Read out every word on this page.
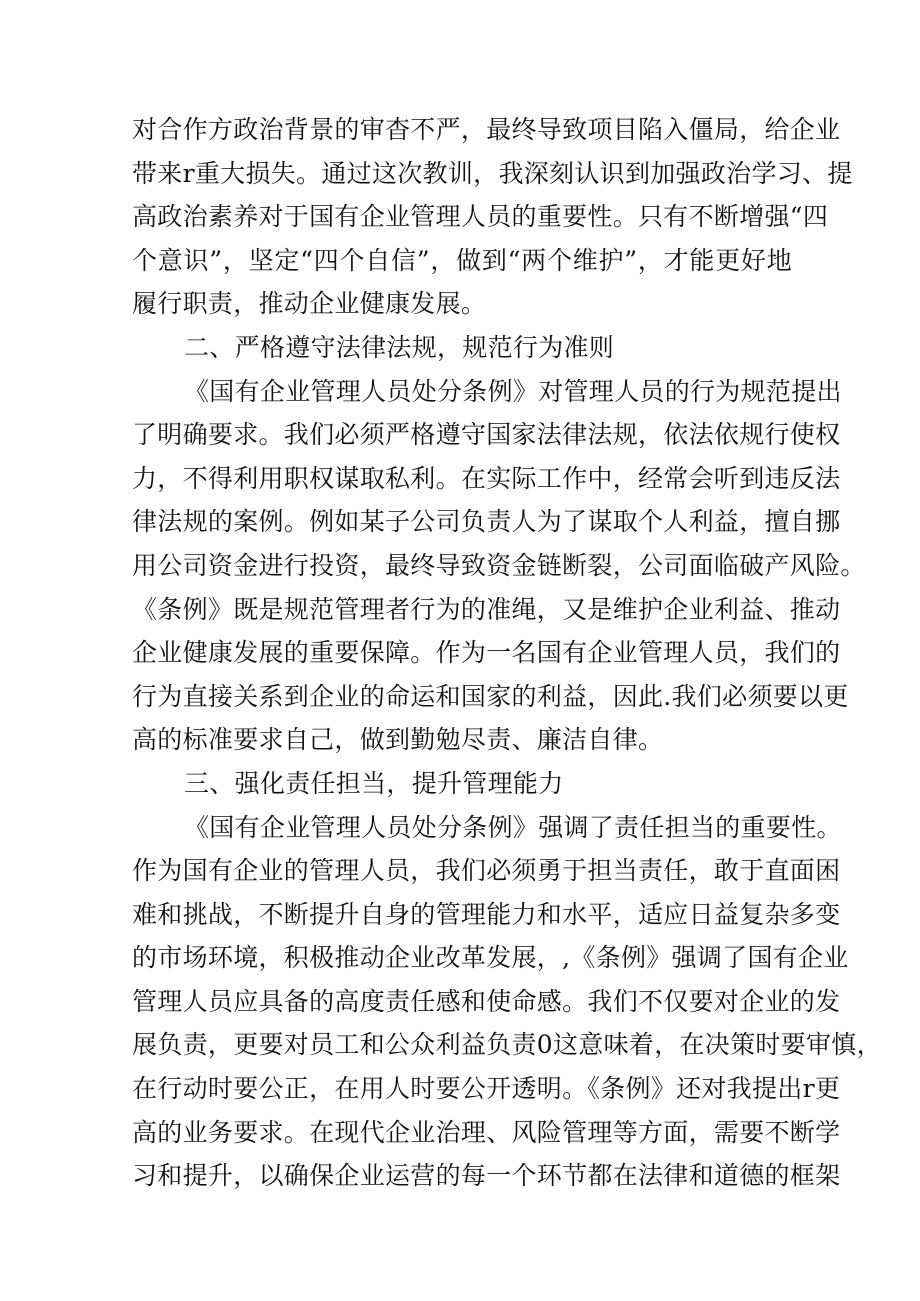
对合作方政治背景的审杳不严，最终导致项目陷入僵局，给企业
带来r重大损失。通过这次教训，我深刻认识到加强政治学习、提
高政治素养对于国有企业管理人员的重要性。只有不断增强“四
个意识”，坚定“四个自信”，做到“两个维护”，才能更好地
履行职责，推动企业健康发展。
二、严格遵守法律法规，规范行为准则
《国有企业管理人员处分条例》对管理人员的行为规范提出
了明确要求。我们必须严格遵守国家法律法规，依法依规行使权
力，不得利用职权谋取私利。在实际工作中，经常会听到违反法
律法规的案例。例如某子公司负责人为了谋取个人利益，擅自挪
用公司资金进行投资，最终导致资金链断裂，公司面临破产风险。
《条例》既是规范管理者行为的准绳，又是维护企业利益、推动
企业健康发展的重要保障。作为一名国有企业管理人员，我们的
行为直接关系到企业的命运和国家的利益，因此.我们必须要以更
高的标准要求自己，做到勤勉尽责、廉洁自律。
三、强化责任担当，提升管理能力
《国有企业管理人员处分条例》强调了责任担当的重要性。
作为国有企业的管理人员，我们必须勇于担当责任，敢于直面困
难和挑战，不断提升自身的管理能力和水平，适应日益复杂多变
的市场环境，积极推动企业改革发展，,《条例》强调了国有企业
管理人员应具备的高度责任感和使命感。我们不仅要对企业的发
展负责，更要对员工和公众利益负责0这意味着，在决策时要审慎，
在行动时要公正，在用人时要公开透明。《条例》还对我提出r更
高的业务要求。在现代企业治理、风险管理等方面，需要不断学
习和提升，以确保企业运营的每一个环节都在法律和道德的框架
